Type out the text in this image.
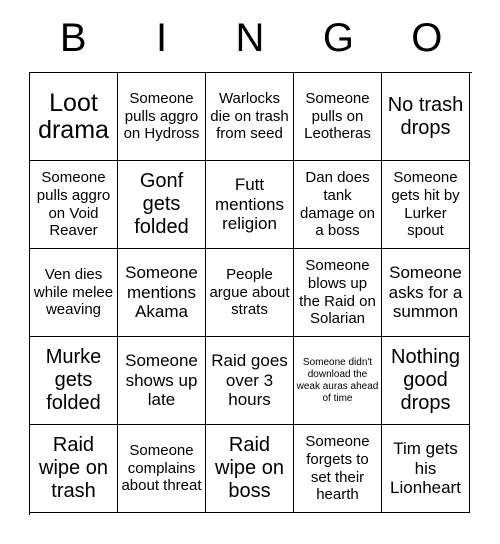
B	I	N	G	O
Loot drama
Someone pulls aggro on Hydross
Warlocks die on trash from seed
Someone pulls on Leotheras
No trash drops
Someone pulls aggro on Void Reaver
Gonf gets folded
Futt mentions religion
Dan does tank damage on a boss
Someone gets hit by Lurker spout
Ven dies while melee weaving
Someone mentions Akama
People argue about strats
Someone blows up the Raid on Solarian
Someone asks for a summon
Murke gets folded
Someone shows up late
Raid goes over 3 hours
Someone didn't download the weak auras ahead of time
Nothing good drops
Raid wipe on trash
Someone complains about threat
Raid wipe on boss
Someone forgets to set their hearth
Tim gets his Lionheart
